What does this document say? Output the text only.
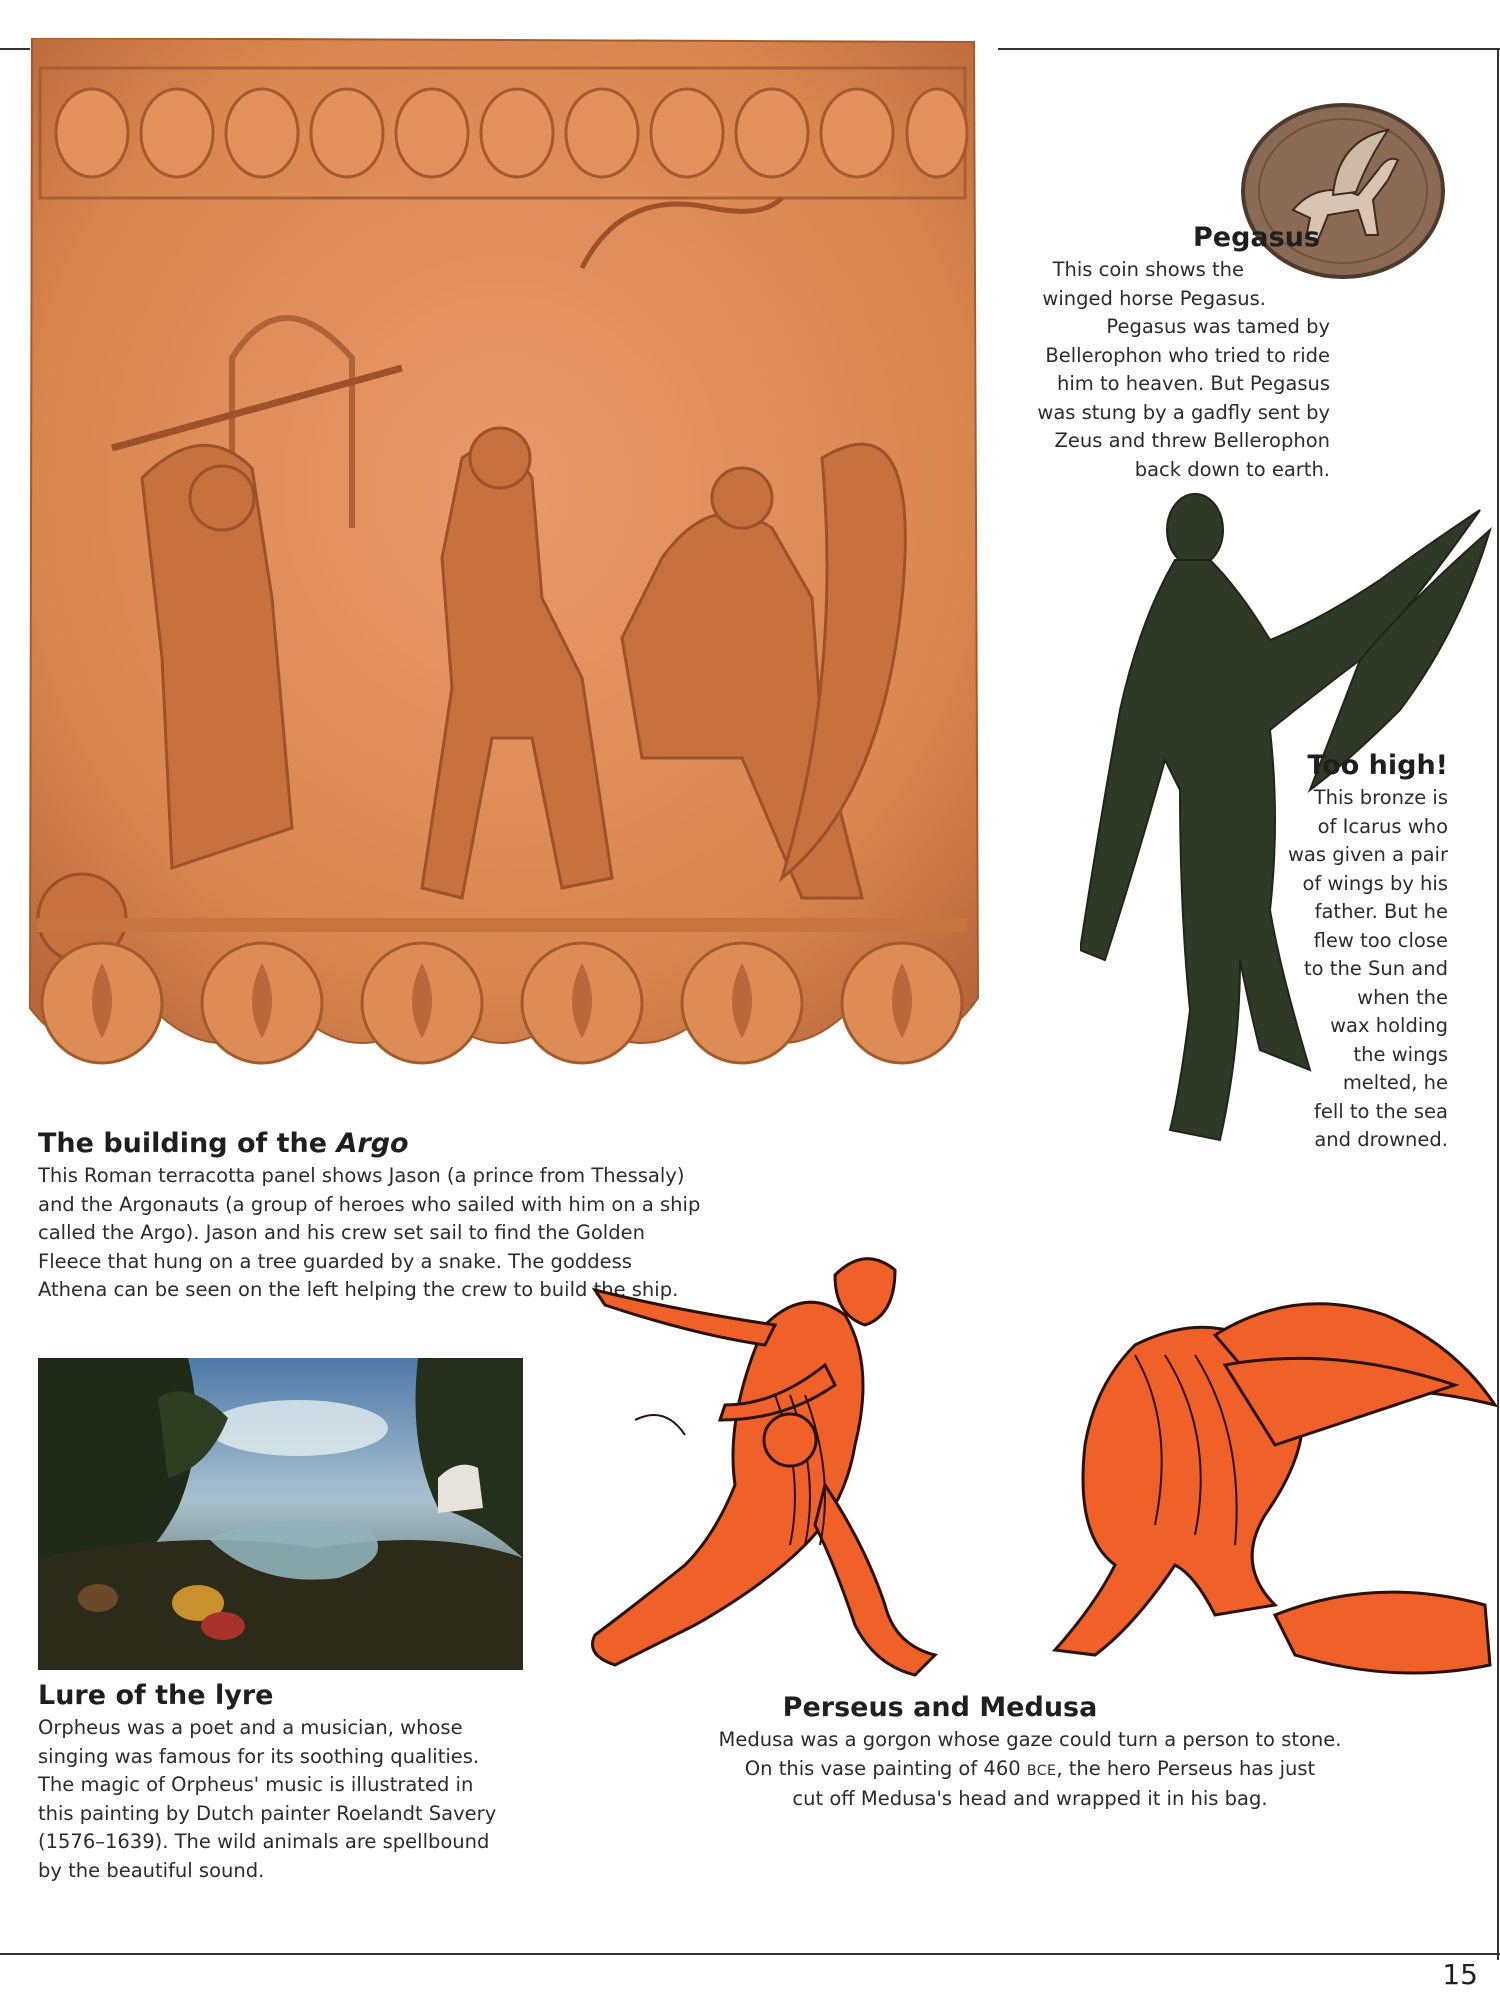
The building of the Argo

This Roman terracotta panel shows Jason (a prince from Thessaly)

and the Argonauts (a group of heroes who sailed with him on a ship

called the Argo). Jason and his crew set sail to find the Golden

Fleece that hung on a tree guarded by a snake. The goddess

Athena can be seen on the left helping the crew to build the ship.

Pegasus

This coin shows the

winged horse Pegasus.

Pegasus was tamed by

Bellerophon who tried to ride

him to heaven. But Pegasus

was stung by a gadfly sent by

Zeus and threw Bellerophon

back down to earth.

Too high!

This bronze is

of Icarus who

was given a pair

of wings by his

father. But he

flew too close

to the Sun and

when the

wax holding

the wings

melted, he

fell to the sea

and drowned.

Lure of the lyre

Orpheus was a poet and a musician, whose

singing was famous for its soothing qualities.

The magic of Orpheus' music is illustrated in

this painting by Dutch painter Roelandt Savery

(1576–1639). The wild animals are spellbound

by the beautiful sound.

Perseus and Medusa

Medusa was a gorgon whose gaze could turn a person to stone.

On this vase painting of 460 BCE, the hero Perseus has just

cut off Medusa's head and wrapped it in his bag.

15
